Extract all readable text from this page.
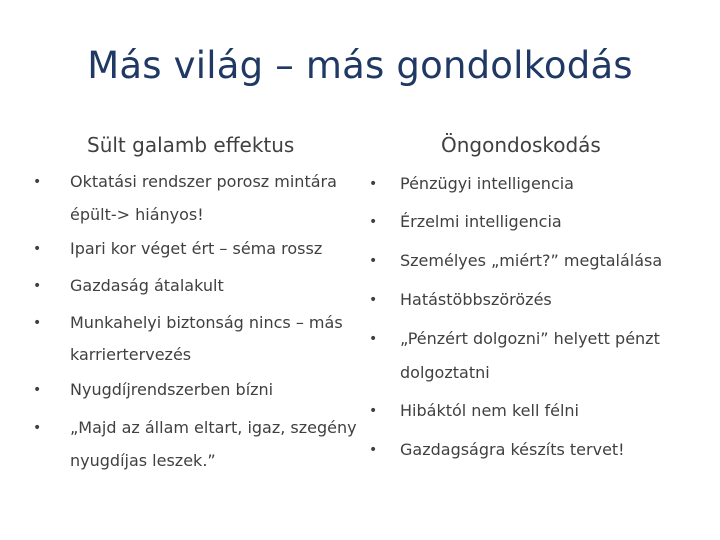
Más világ – más gondolkodás
Sült galamb effektus
• Oktatási rendszer porosz mintára
épült-> hiányos!
• Ipari kor véget ért – séma rossz
• Gazdaság átalakult
• Munkahelyi biztonság nincs – más
karriertervezés
• Nyugdíjrendszerben bízni
• „Majd az állam eltart, igaz, szegény
nyugdíjas leszek.”
Öngondoskodás
• Pénzügyi intelligencia
• Érzelmi intelligencia
• Személyes „miért?” megtalálása
• Hatástöbbszörözés
• „Pénzért dolgozni” helyett pénzt
dolgoztatni
• Hibáktól nem kell félni
• Gazdagságra készíts tervet!
